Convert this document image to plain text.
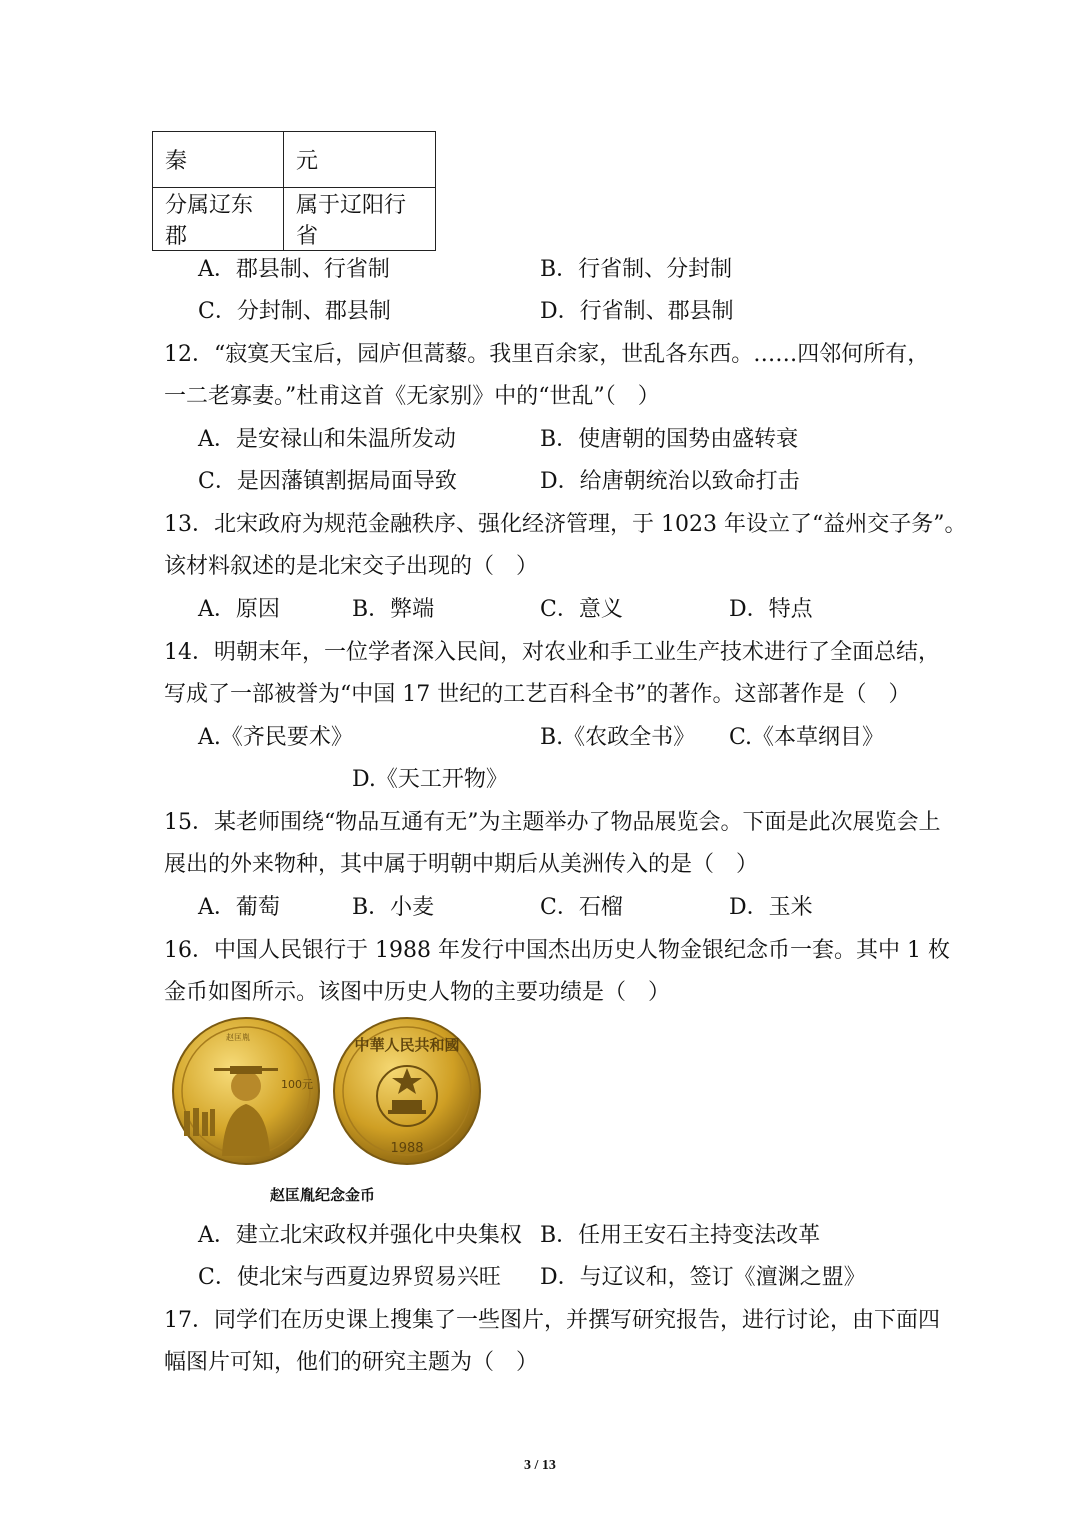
秦	元
分属辽东郡	属于辽阳行省
A．郡县制、行省制	B．行省制、分封制
C．分封制、郡县制	D．行省制、郡县制
12．“寂寞天宝后，园庐但蒿藜。我里百余家，世乱各东西。……四邻何所有，
一二老寡妻。”杜甫这首《无家别》中的“世乱”（　）
A．是安禄山和朱温所发动	B．使唐朝的国势由盛转衰
C．是因藩镇割据局面导致	D．给唐朝统治以致命打击
13．北宋政府为规范金融秩序、强化经济管理，于 1023 年设立了“益州交子务”。
该材料叙述的是北宋交子出现的（　）
A．原因	B．弊端	C．意义	D．特点
14．明朝末年，一位学者深入民间，对农业和手工业生产技术进行了全面总结，
写成了一部被誉为“中国 17 世纪的工艺百科全书”的著作。这部著作是（　）
A.《齐民要术》	B.《农政全书》 C.《本草纲目》
D.《天工开物》
15．某老师围绕“物品互通有无”为主题举办了物品展览会。下面是此次展览会上
展出的外来物种，其中属于明朝中期后从美洲传入的是（　）
A．葡萄	B．小麦	C．石榴	D．玉米
16．中国人民银行于 1988 年发行中国杰出历史人物金银纪念币一套。其中 1 枚
金币如图所示。该图中历史人物的主要功绩是（　）
赵匡胤
100元
中華人民共和國
1988
赵匡胤纪念金币
A．建立北宋政权并强化中央集权 B．任用王安石主持变法改革
C．使北宋与西夏边界贸易兴旺 D．与辽议和，签订《澶渊之盟》
17．同学们在历史课上搜集了一些图片，并撰写研究报告，进行讨论，由下面四
幅图片可知，他们的研究主题为（　）
3 / 13
